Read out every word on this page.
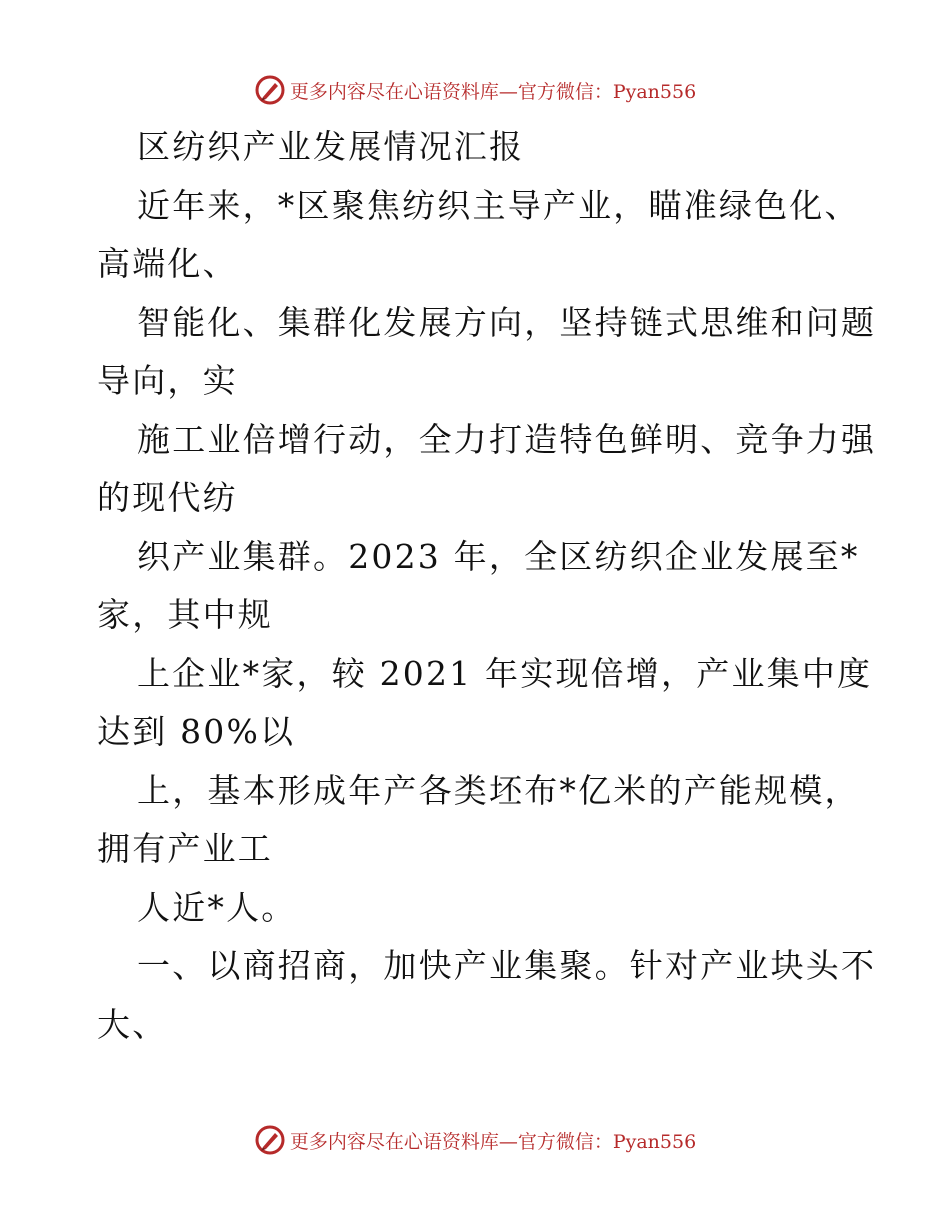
更多内容尽在心语资料库—官方微信：Pyan556
区纺织产业发展情况汇报
近年来，*区聚焦纺织主导产业，瞄准绿色化、
高端化、
智能化、集群化发展方向，坚持链式思维和问题
导向，实
施工业倍增行动，全力打造特色鲜明、竞争力强
的现代纺
织产业集群。2023 年，全区纺织企业发展至*
家，其中规
上企业*家，较 2021 年实现倍增，产业集中度
达到 80%以
上，基本形成年产各类坯布*亿米的产能规模，
拥有产业工
人近*人。
一、以商招商，加快产业集聚。针对产业块头不
大、
更多内容尽在心语资料库—官方微信：Pyan556
